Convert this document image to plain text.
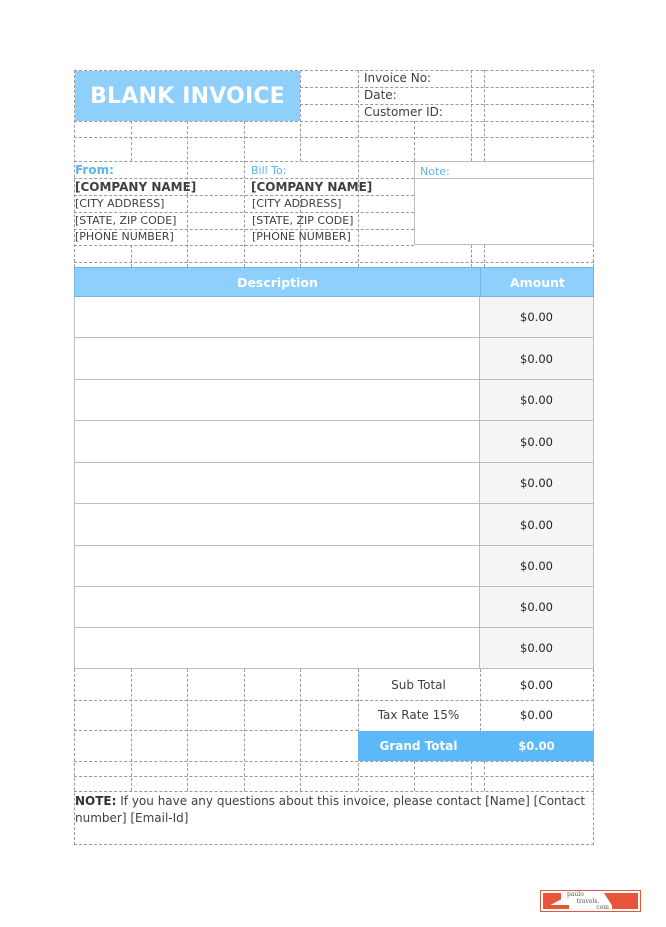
BLANK INVOICE
Invoice No:
Date:
Customer ID:
From:
[COMPANY NAME]
[CITY ADDRESS]
[STATE, ZIP CODE]
[PHONE NUMBER]
Bill To:
[COMPANY NAME]
[CITY ADDRESS]
[STATE, ZIP CODE]
[PHONE NUMBER]
Note:
Description	Amount
$0.00
$0.00
$0.00
$0.00
$0.00
$0.00
$0.00
$0.00
$0.00
Sub Total	$0.00
Tax Rate 15%	$0.00
Grand Total	$0.00
NOTE: If you have any questions about this invoice, please contact [Name] [Contact number] [Email-Id]
paulo
travels.
com
